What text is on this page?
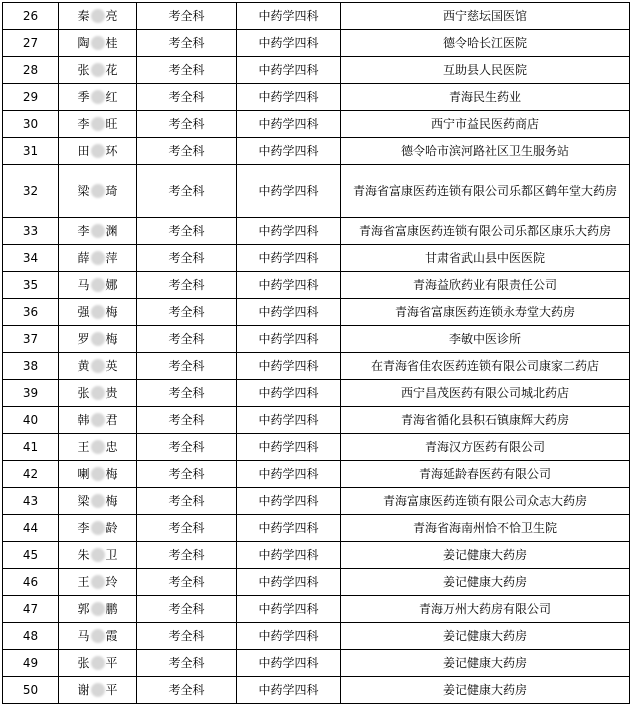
26	秦 亮	考全科	中药学四科	西宁慈坛国医馆
27	陶 桂	考全科	中药学四科	德令哈长江医院
28	张 花	考全科	中药学四科	互助县人民医院
29	季 红	考全科	中药学四科	青海民生药业
30	李 旺	考全科	中药学四科	西宁市益民医药商店
31	田 环	考全科	中药学四科	德令哈市滨河路社区卫生服务站
32	梁 琦	考全科	中药学四科	青海省富康医药连锁有限公司乐都区鹤年堂大药房
33	李 渊	考全科	中药学四科	青海省富康医药连锁有限公司乐都区康乐大药房
34	薛 萍	考全科	中药学四科	甘肃省武山县中医医院
35	马 娜	考全科	中药学四科	青海益欣药业有限责任公司
36	强 梅	考全科	中药学四科	青海省富康医药连锁永寿堂大药房
37	罗 梅	考全科	中药学四科	李敏中医诊所
38	黄 英	考全科	中药学四科	在青海省佳农医药连锁有限公司康家二药店
39	张 贵	考全科	中药学四科	西宁昌茂医药有限公司城北药店
40	韩 君	考全科	中药学四科	青海省循化县积石镇康辉大药房
41	王 忠	考全科	中药学四科	青海汉方医药有限公司
42	喇 梅	考全科	中药学四科	青海延龄春医药有限公司
43	梁 梅	考全科	中药学四科	青海富康医药连锁有限公司众志大药房
44	李 龄	考全科	中药学四科	青海省海南州恰不恰卫生院
45	朱 卫	考全科	中药学四科	姜记健康大药房
46	王 玲	考全科	中药学四科	姜记健康大药房
47	郭 鹏	考全科	中药学四科	青海万州大药房有限公司
48	马 霞	考全科	中药学四科	姜记健康大药房
49	张 平	考全科	中药学四科	姜记健康大药房
50	谢 平	考全科	中药学四科	姜记健康大药房
